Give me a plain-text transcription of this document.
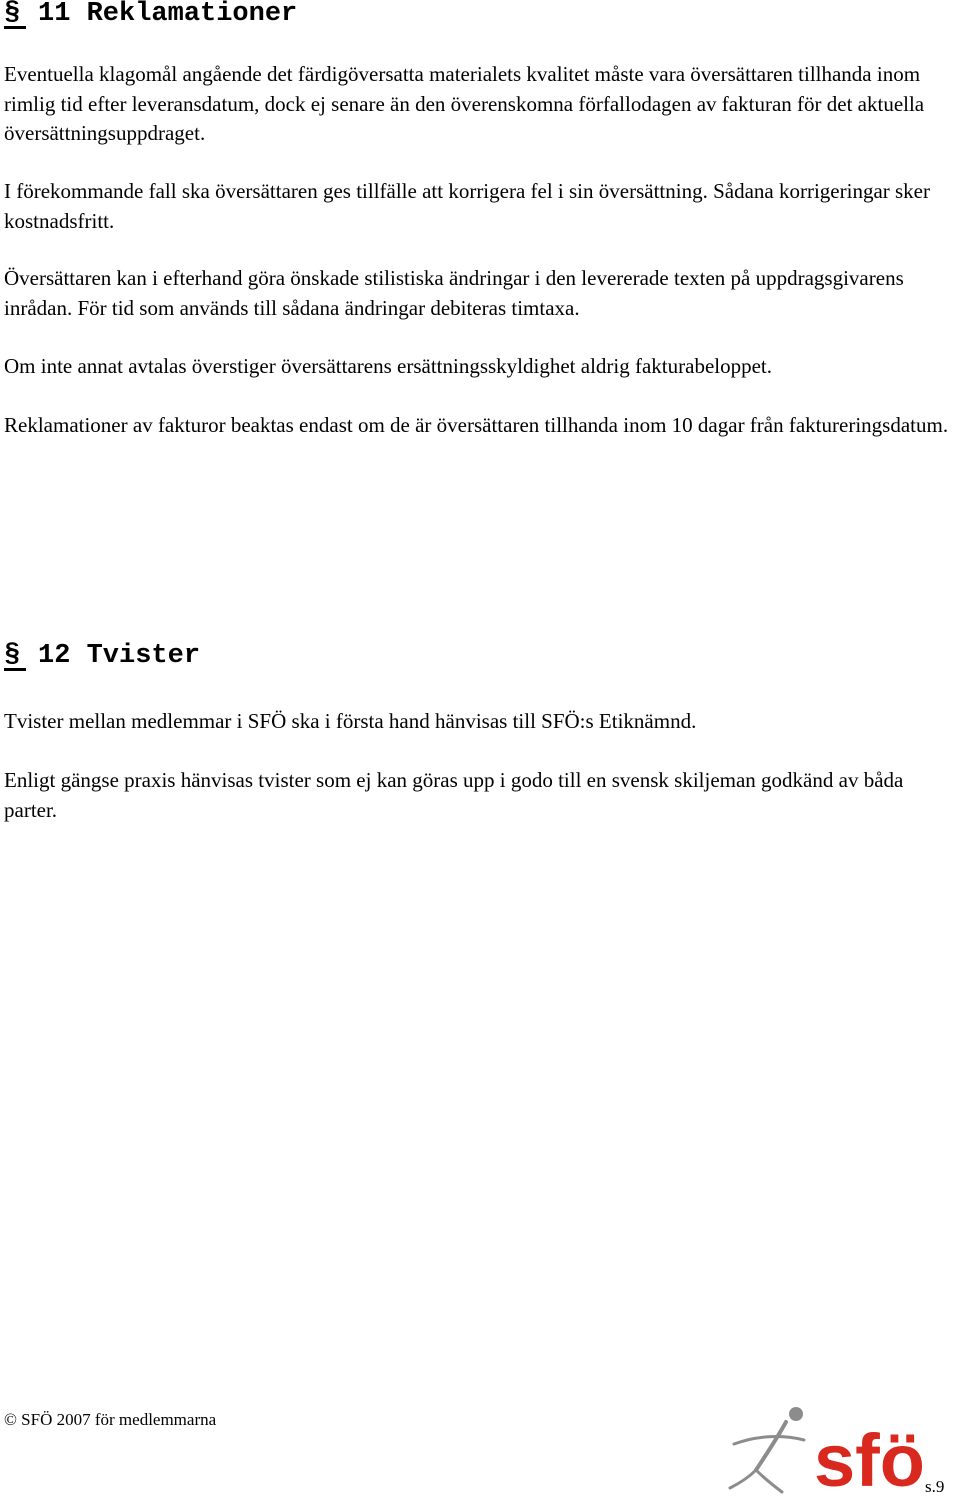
§ 11 Reklamationer

Eventuella klagomål angående det färdigöversatta materialets kvalitet måste vara översättaren tillhanda inom rimlig tid efter leveransdatum, dock ej senare än den överenskomna förfallodagen av fakturan för det aktuella översättningsuppdraget.

I förekommande fall ska översättaren ges tillfälle att korrigera fel i sin översättning. Sådana korrigeringar sker kostnadsfritt.

Översättaren kan i efterhand göra önskade stilistiska ändringar i den levererade texten på uppdragsgivarens inrådan. För tid som används till sådana ändringar debiteras timtaxa.

Om inte annat avtalas överstiger översättarens ersättningsskyldighet aldrig fakturabeloppet.

Reklamationer av fakturor beaktas endast om de är översättaren tillhanda inom 10 dagar från faktureringsdatum.

§ 12 Tvister

Tvister mellan medlemmar i SFÖ ska i första hand hänvisas till SFÖ:s Etiknämnd.

Enligt gängse praxis hänvisas tvister som ej kan göras upp i godo till en svensk skiljeman godkänd av båda parter.

© SFÖ 2007 för medlemmarna	sfö s.9
